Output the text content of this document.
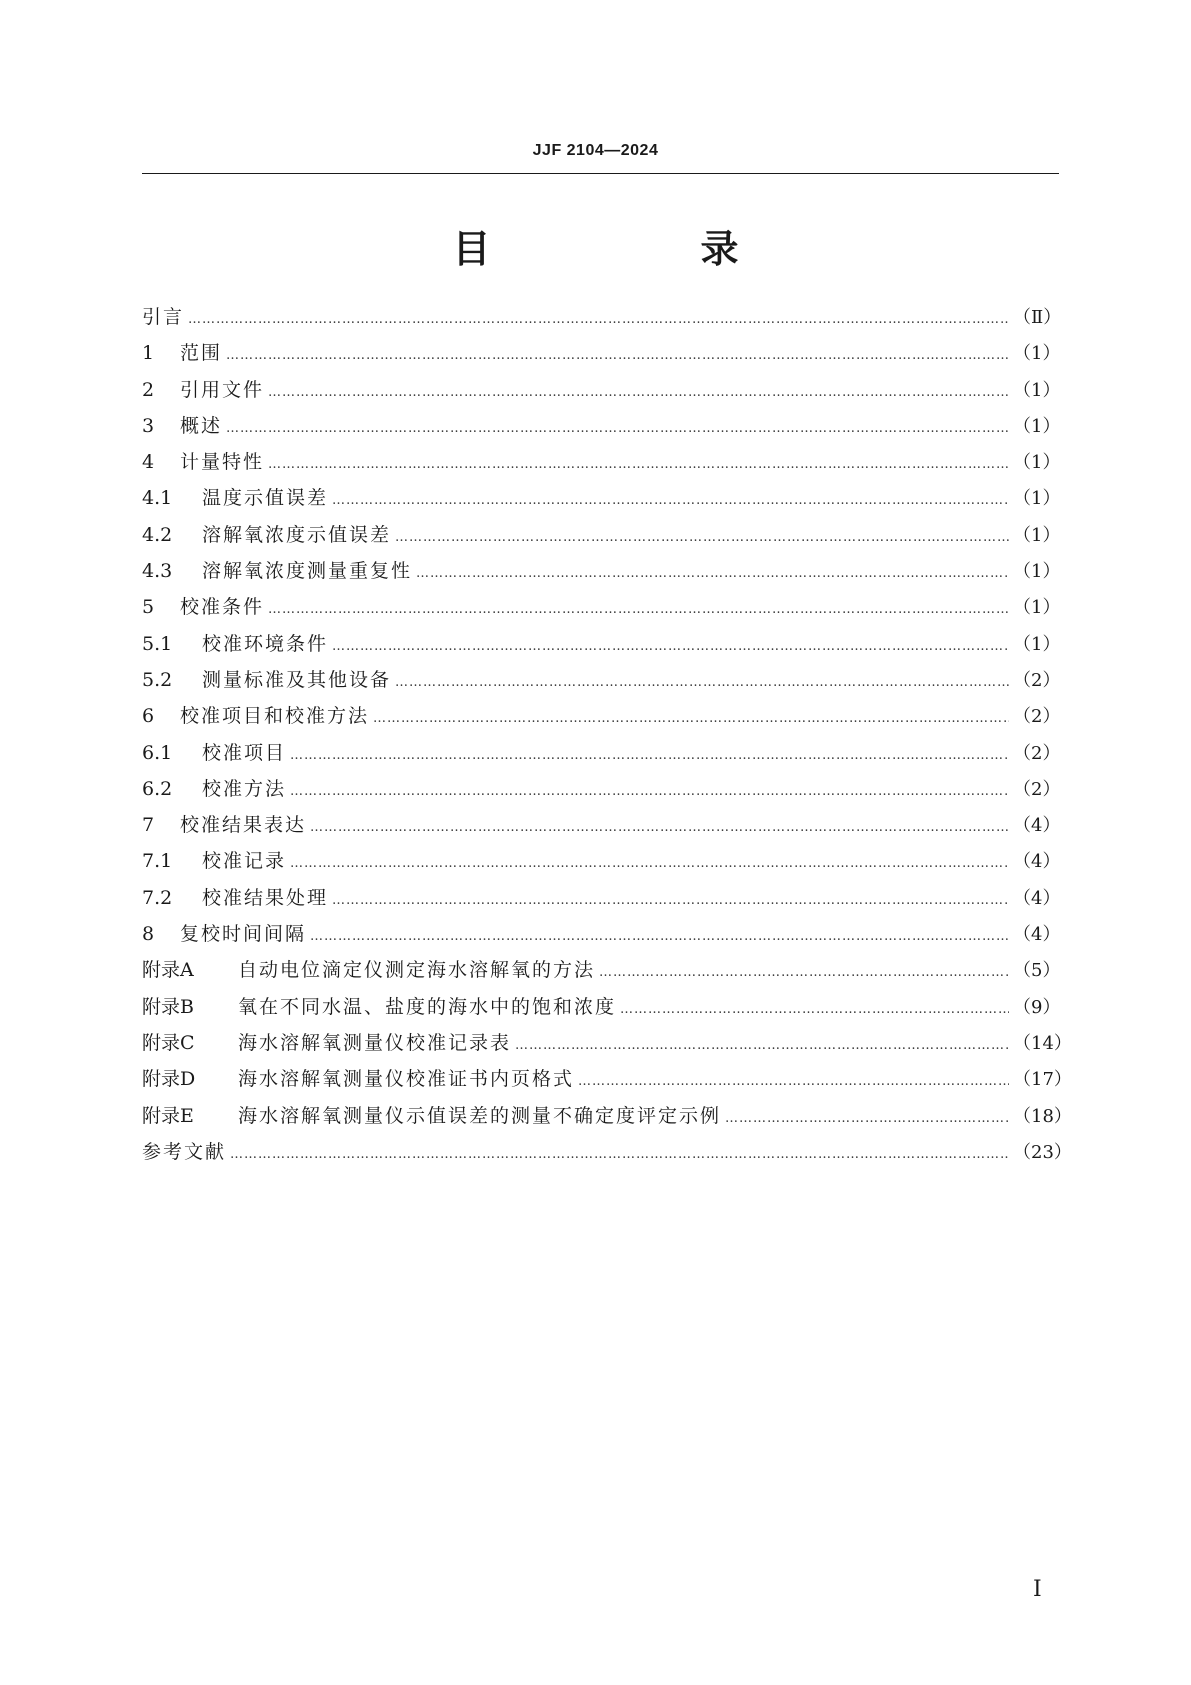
JJF 2104—2024
目　录
引言 ……………………………………………………………………………………………………………………………………………………………………………………………………………………	（Ⅱ）
1	范围 ……………………………………………………………………………………………………………………………………………………………………………………………………………………	（1）
2	引用文件 ……………………………………………………………………………………………………………………………………………………………………………………………………………………	（1）
3	概述 ……………………………………………………………………………………………………………………………………………………………………………………………………………………	（1）
4	计量特性 ……………………………………………………………………………………………………………………………………………………………………………………………………………………	（1）
4.1	温度示值误差 ……………………………………………………………………………………………………………………………………………………………………………………………………………………	（1）
4.2	溶解氧浓度示值误差 ……………………………………………………………………………………………………………………………………………………………………………………………………………………	（1）
4.3	溶解氧浓度测量重复性 ……………………………………………………………………………………………………………………………………………………………………………………………………………………	（1）
5	校准条件 ……………………………………………………………………………………………………………………………………………………………………………………………………………………	（1）
5.1	校准环境条件 ……………………………………………………………………………………………………………………………………………………………………………………………………………………	（1）
5.2	测量标准及其他设备 ……………………………………………………………………………………………………………………………………………………………………………………………………………………	（2）
6	校准项目和校准方法 ……………………………………………………………………………………………………………………………………………………………………………………………………………………	（2）
6.1	校准项目 ……………………………………………………………………………………………………………………………………………………………………………………………………………………	（2）
6.2	校准方法 ……………………………………………………………………………………………………………………………………………………………………………………………………………………	（2）
7	校准结果表达 ……………………………………………………………………………………………………………………………………………………………………………………………………………………	（4）
7.1	校准记录 ……………………………………………………………………………………………………………………………………………………………………………………………………………………	（4）
7.2	校准结果处理 ……………………………………………………………………………………………………………………………………………………………………………………………………………………	（4）
8	复校时间间隔 ……………………………………………………………………………………………………………………………………………………………………………………………………………………	（4）
附录A	自动电位滴定仪测定海水溶解氧的方法 ……………………………………………………………………………………………………………………………………………………………………………………………………………………	（5）
附录B	氧在不同水温、盐度的海水中的饱和浓度 ……………………………………………………………………………………………………………………………………………………………………………………………………………………	（9）
附录C	海水溶解氧测量仪校准记录表 ……………………………………………………………………………………………………………………………………………………………………………………………………………………	（14）
附录D	海水溶解氧测量仪校准证书内页格式 ……………………………………………………………………………………………………………………………………………………………………………………………………………………	（17）
附录E	海水溶解氧测量仪示值误差的测量不确定度评定示例 ……………………………………………………………………………………………………………………………………………………………………………………………………………………	（18）
参考文献 ……………………………………………………………………………………………………………………………………………………………………………………………………………………	（23）
Ⅰ
